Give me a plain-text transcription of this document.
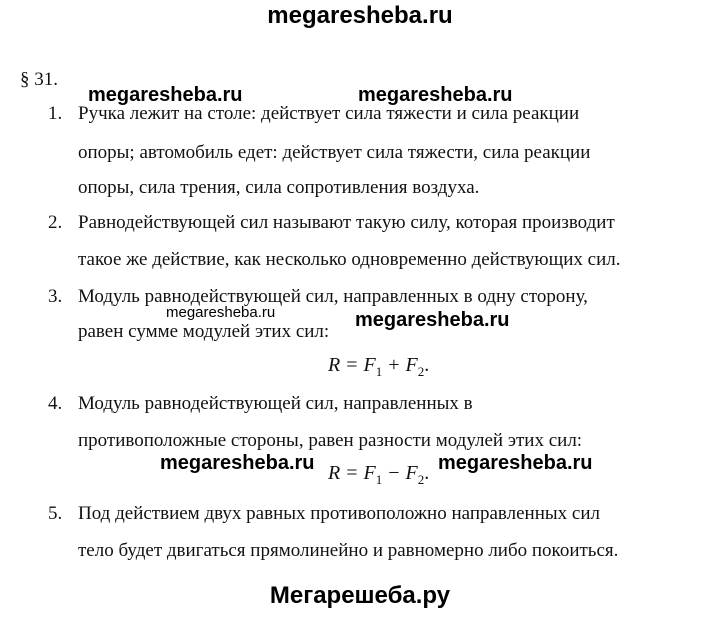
megaresheba.ru
§ 31.
megaresheba.ru	megaresheba.ru
1. Ручка лежит на столе: действует сила тяжести и сила реакции
опоры; автомобиль едет: действует сила тяжести, сила реакции
опоры, сила трения, сила сопротивления воздуха.
2. Равнодействующей сил называют такую силу, которая производит
такое же действие, как несколько одновременно действующих сил.
3. Модуль равнодействующей сил, направленных в одну сторону,
megaresheba.ru
равен сумме модулей этих сил:
megaresheba.ru
$R = F_1 + F_2$.
4. Модуль равнодействующей сил, направленных в
противоположные стороны, равен разности модулей этих сил:
megaresheba.ru $R = F_1 - F_2$. megaresheba.ru
5. Под действием двух равных противоположно направленных сил
тело будет двигаться прямолинейно и равномерно либо покоиться.
Мегарешеба.ру
